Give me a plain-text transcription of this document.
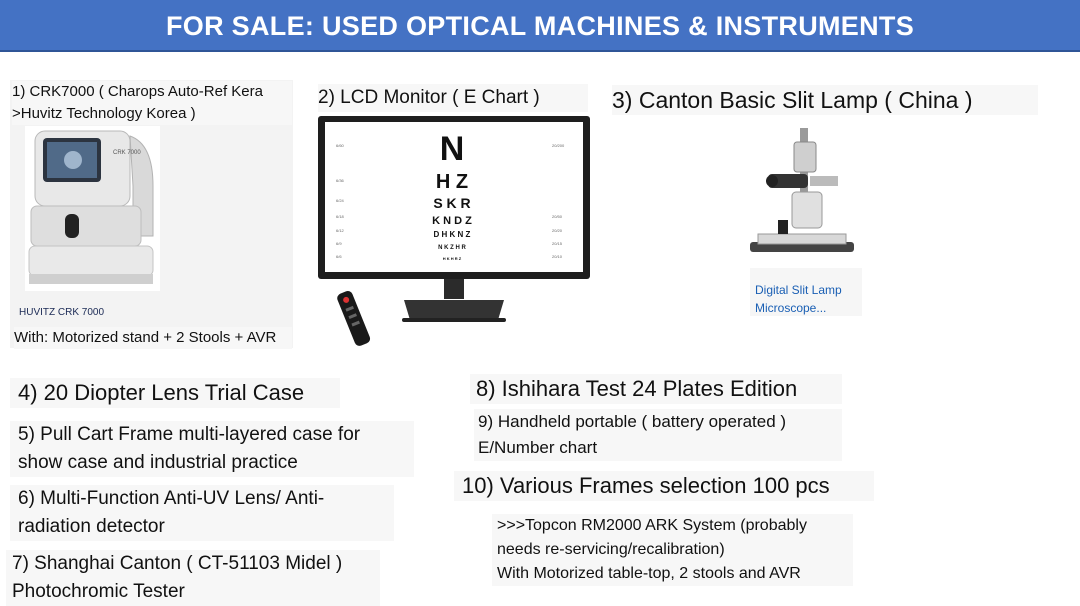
FOR SALE: USED OPTICAL MACHINES & INSTRUMENTS
1) CRK7000 ( Charops Auto-Ref Kera
>Huvitz Technology Korea )
CRK 7000
HUVITZ CRK 7000
With: Motorized stand + 2 Stools + AVR
2) LCD Monitor ( E Chart )
N
H Z
S K R
K N D Z
D H K N Z
N K Z H R
H K H R Z
6/60
6/36
6/24
6/18
6/12
6/9
6/6
20/200
20/50
20/20
20/15
20/10
3) Canton Basic Slit Lamp ( China )
Digital Slit Lamp
Microscope...
4) 20 Diopter Lens Trial Case
5) Pull Cart Frame multi-layered case for
show case and industrial practice
6) Multi-Function Anti-UV Lens/ Anti-
radiation detector
7) Shanghai Canton ( CT-51103 Midel )
Photochromic Tester
8) Ishihara Test 24 Plates Edition
9) Handheld portable ( battery operated )
E/Number chart
10) Various Frames selection 100 pcs
>>>Topcon RM2000 ARK System (probably
needs re-servicing/recalibration)
With Motorized table-top, 2 stools and AVR
